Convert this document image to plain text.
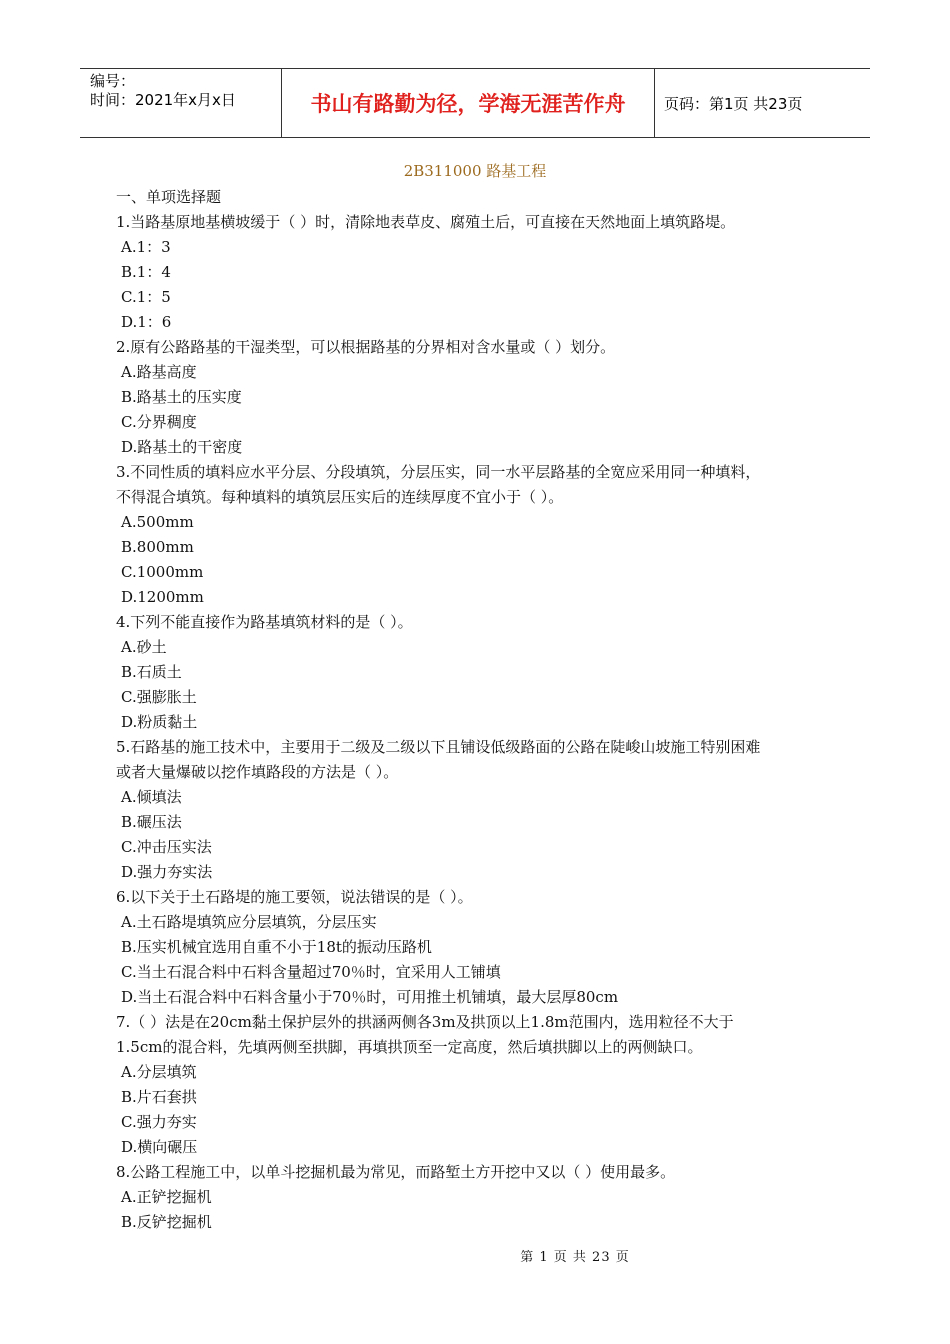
编号：
时间：2021年x月x日	书山有路勤为径，学海无涯苦作舟	页码：第1页 共23页
2B311000 路基工程
一、单项选择题
1.当路基原地基横坡缓于（ ）时，清除地表草皮、腐殖土后，可直接在天然地面上填筑路堤。
A.1：3
B.1：4
C.1：5
D.1：6
2.原有公路路基的干湿类型，可以根据路基的分界相对含水量或（ ）划分。
A.路基高度
B.路基土的压实度
C.分界稠度
D.路基土的干密度
3.不同性质的填料应水平分层、分段填筑，分层压实，同一水平层路基的全宽应采用同一种填料，
不得混合填筑。每种填料的填筑层压实后的连续厚度不宜小于（ ）。
A.500mm
B.800mm
C.1000mm
D.1200mm
4.下列不能直接作为路基填筑材料的是（ ）。
A.砂土
B.石质土
C.强膨胀土
D.粉质黏土
5.石路基的施工技术中，主要用于二级及二级以下且铺设低级路面的公路在陡峻山坡施工特别困难
或者大量爆破以挖作填路段的方法是（ ）。
A.倾填法
B.碾压法
C.冲击压实法
D.强力夯实法
6.以下关于土石路堤的施工要领，说法错误的是（ ）。
A.土石路堤填筑应分层填筑，分层压实
B.压实机械宜选用自重不小于18t的振动压路机
C.当土石混合料中石料含量超过70％时，宜采用人工铺填
D.当土石混合料中石料含量小于70％时，可用推土机铺填，最大层厚80cm
7.（ ）法是在20cm黏土保护层外的拱涵两侧各3m及拱顶以上1.8m范围内，选用粒径不大于
1.5cm的混合料，先填两侧至拱脚，再填拱顶至一定高度，然后填拱脚以上的两侧缺口。
A.分层填筑
B.片石套拱
C.强力夯实
D.横向碾压
8.公路工程施工中，以单斗挖掘机最为常见，而路堑土方开挖中又以（ ）使用最多。
A.正铲挖掘机
B.反铲挖掘机
第 1 页 共 23 页
